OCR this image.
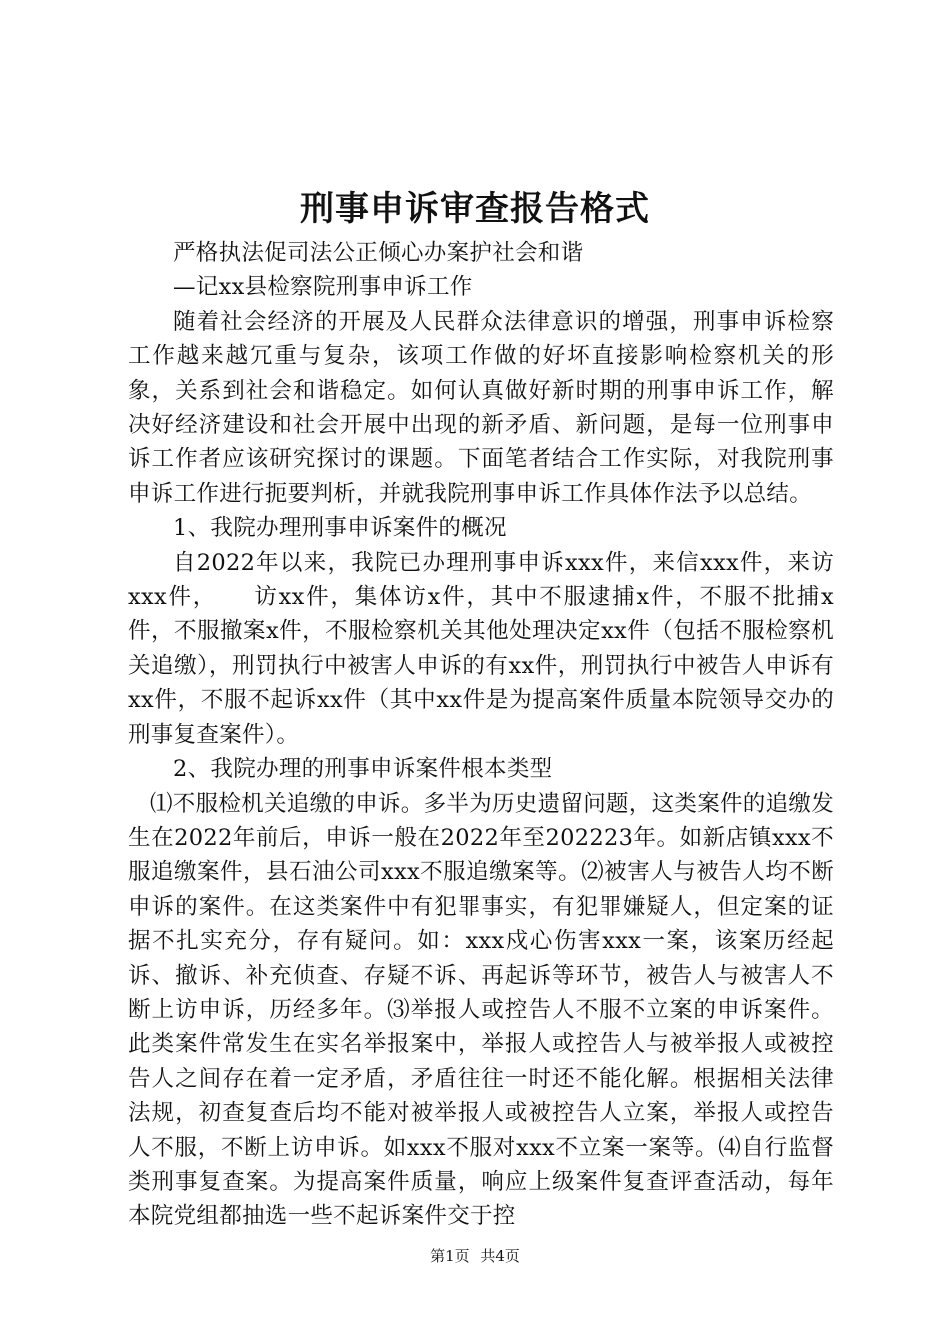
刑事申诉审查报告格式

严格执法促司法公正倾心办案护社会和谐

—记xx县检察院刑事申诉工作

随着社会经济的开展及人民群众法律意识的增强，刑事申诉检察工作越来越冗重与复杂，该项工作做的好坏直接影响检察机关的形象，关系到社会和谐稳定。如何认真做好新时期的刑事申诉工作，解决好经济建设和社会开展中出现的新矛盾、新问题，是每一位刑事申诉工作者应该研究探讨的课题。下面笔者结合工作实际，对我院刑事申诉工作进行扼要判析，并就我院刑事申诉工作具体作法予以总结。

1、我院办理刑事申诉案件的概况

自2022年以来，我院已办理刑事申诉xxx件，来信xxx件，来访xxx件，　　访xx件，集体访x件，其中不服逮捕x件，不服不批捕x件，不服撤案x件，不服检察机关其他处理决定xx件（包括不服检察机关追缴），刑罚执行中被害人申诉的有xx件，刑罚执行中被告人申诉有xx件，不服不起诉xx件（其中xx件是为提高案件质量本院领导交办的刑事复查案件）。

2、我院办理的刑事申诉案件根本类型

⑴不服检机关追缴的申诉。多半为历史遗留问题，这类案件的追缴发生在2022年前后，申诉一般在2022年至202223年。如新店镇xxx不服追缴案件，县石油公司xxx不服追缴案等。⑵被害人与被告人均不断申诉的案件。在这类案件中有犯罪事实，有犯罪嫌疑人，但定案的证据不扎实充分，存有疑问。如：xxx戍心伤害xxx一案，该案历经起诉、撤诉、补充侦查、存疑不诉、再起诉等环节，被告人与被害人不断上访申诉，历经多年。⑶举报人或控告人不服不立案的申诉案件。此类案件常发生在实名举报案中，举报人或控告人与被举报人或被控告人之间存在着一定矛盾，矛盾往往一时还不能化解。根据相关法律法规，初查复查后均不能对被举报人或被控告人立案，举报人或控告人不服，不断上访申诉。如xxx不服对xxx不立案一案等。⑷自行监督类刑事复查案。为提高案件质量，响应上级案件复查评查活动，每年本院党组都抽选一些不起诉案件交于控

第1页 共4页
